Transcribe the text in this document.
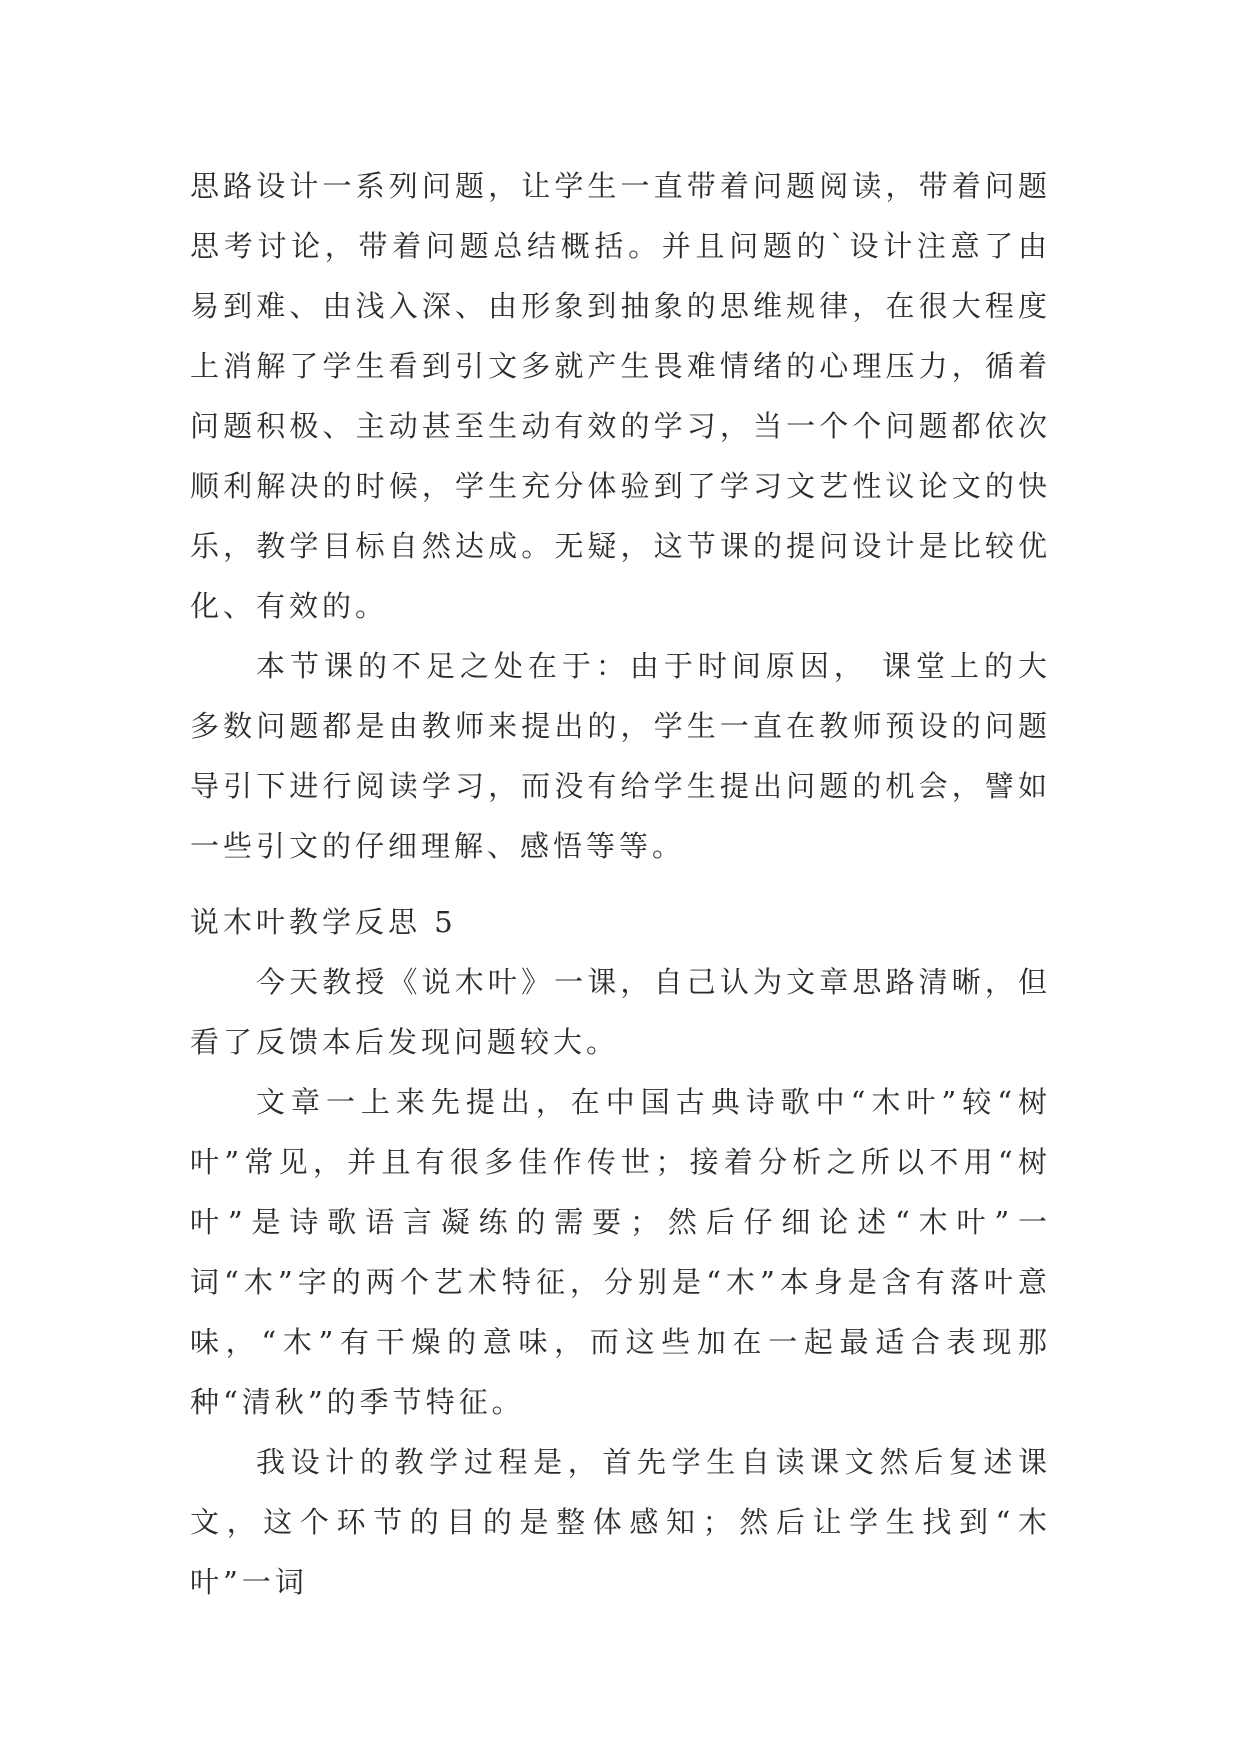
思路设计一系列问题，让学生一直带着问题阅读，带着问题思考讨论，带着问题总结概括。并且问题的`设计注意了由易到难、由浅入深、由形象到抽象的思维规律，在很大程度上消解了学生看到引文多就产生畏难情绪的心理压力，循着问题积极、主动甚至生动有效的学习，当一个个问题都依次顺利解决的时候，学生充分体验到了学习文艺性议论文的快乐，教学目标自然达成。无疑，这节课的提问设计是比较优化、有效的。

本节课的不足之处在于：由于时间原因， 课堂上的大多数问题都是由教师来提出的，学生一直在教师预设的问题导引下进行阅读学习，而没有给学生提出问题的机会，譬如一些引文的仔细理解、感悟等等。

说木叶教学反思 5

今天教授《说木叶》一课，自己认为文章思路清晰，但看了反馈本后发现问题较大。

文章一上来先提出，在中国古典诗歌中“木叶”较“树叶”常见，并且有很多佳作传世；接着分析之所以不用“树叶”是诗歌语言凝练的需要；然后仔细论述“木叶”一词“木”字的两个艺术特征，分别是“木”本身是含有落叶意味，“木”有干燥的意味，而这些加在一起最适合表现那种“清秋”的季节特征。

我设计的教学过程是，首先学生自读课文然后复述课文，这个环节的目的是整体感知；然后让学生找到“木叶”一词
